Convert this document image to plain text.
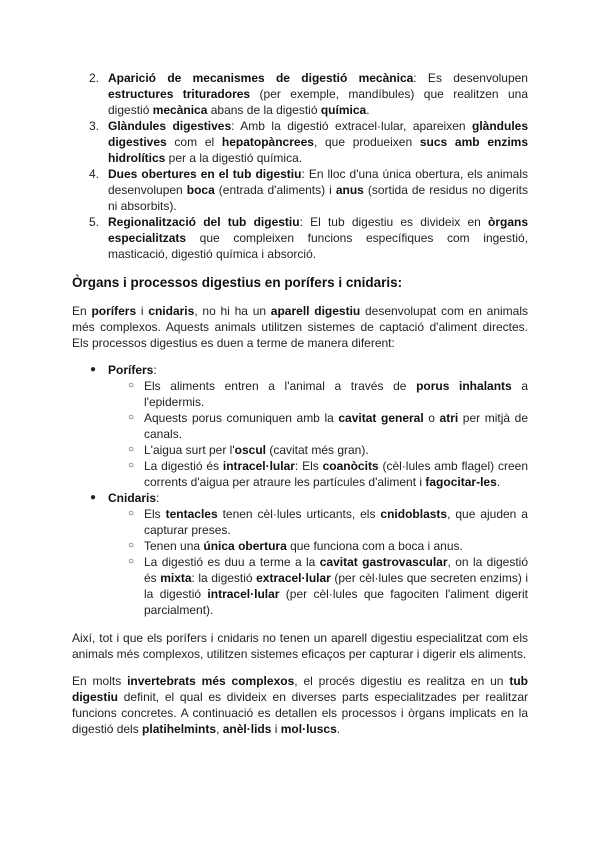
2. Aparició de mecanismes de digestió mecànica: Es desenvolupen estructures trituradores (per exemple, mandíbules) que realitzen una digestió mecànica abans de la digestió química.
3. Glàndules digestives: Amb la digestió extracel·lular, apareixen glàndules digestives com el hepatopàncrees, que produeixen sucs amb enzims hidrolítics per a la digestió química.
4. Dues obertures en el tub digestiu: En lloc d'una única obertura, els animals desenvolupen boca (entrada d'aliments) i anus (sortida de residus no digerits ni absorbits).
5. Regionalització del tub digestiu: El tub digestiu es divideix en òrgans especialitzats que compleixen funcions específiques com ingestió, masticació, digestió química i absorció.
Òrgans i processos digestius en porífers i cnidaris:

En porífers i cnidaris, no hi ha un aparell digestiu desenvolupat com en animals més complexos. Aquests animals utilitzen sistemes de captació d'aliment directes. Els processos digestius es duen a terme de manera diferent:

● Porífers:
○ Els aliments entren a l'animal a través de porus inhalants a l'epidermis.
○ Aquests porus comuniquen amb la cavitat general o atri per mitjà de canals.
○ L'aigua surt per l'oscul (cavitat més gran).
○ La digestió és intracel·lular: Els coanòcits (cèl·lules amb flagel) creen corrents d'aigua per atraure les partícules d'aliment i fagocitar-les.
● Cnidaris:
○ Els tentacles tenen cèl·lules urticants, els cnidoblasts, que ajuden a capturar preses.
○ Tenen una única obertura que funciona com a boca i anus.
○ La digestió es duu a terme a la cavitat gastrovascular, on la digestió és mixta: la digestió extracel·lular (per cèl·lules que secreten enzims) i la digestió intracel·lular (per cèl·lules que fagociten l'aliment digerit parcialment).

Així, tot i que els porífers i cnidaris no tenen un aparell digestiu especialitzat com els animals més complexos, utilitzen sistemes eficaços per capturar i digerir els aliments.

En molts invertebrats més complexos, el procés digestiu es realitza en un tub digestiu definit, el qual es divideix en diverses parts especialitzades per realitzar funcions concretes. A continuació es detallen els processos i òrgans implicats en la digestió dels platihelmints, anèl·lids i mol·luscs.
